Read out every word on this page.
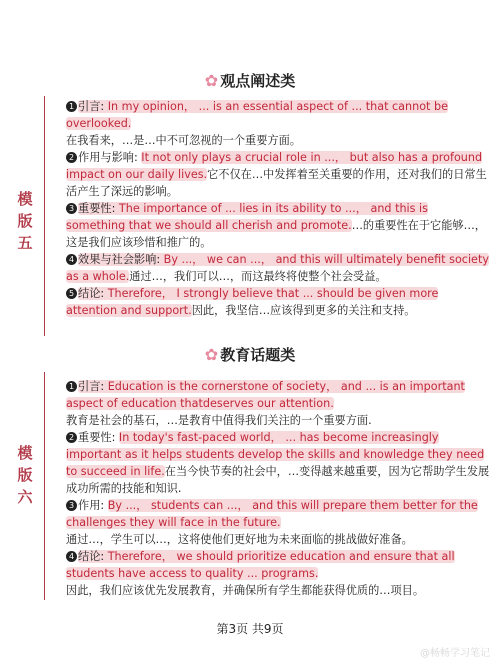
✿ 观点阐述类
模
版
五

1 引言: In my opinion， ... is an essential aspect of ... that cannot be overlooked.
在我看来，…是…中不可忽视的一个重要方面。

2 作用与影响: It not only plays a crucial role in ...， but also has a profound impact on our daily lives.它不仅在…中发挥着至关重要的作用，还对我们的日常生活产生了深远的影响。

3 重要性: The importance of ... lies in its ability to ...， and this is something that we should all cherish and promote.…的重要性在于它能够…，这是我们应该珍惜和推广的。

4 效果与社会影响: By ...， we can ...， and this will ultimately benefit society as a whole.通过…，我们可以…，而这最终将使整个社会受益。

5 结论: Therefore， I strongly believe that ... should be given more attention and support.因此，我坚信…应该得到更多的关注和支持。

✿ 教育话题类
模
版
六

1 引言: Education is the cornerstone of society， and ... is an important aspect of education thatdeserves our attention.
教育是社会的基石，…是教育中值得我们关注的一个重要方面.

2 重要性: In today's fast-paced world， ... has become increasingly important as it helps students develop the skills and knowledge they need to succeed in life.在当今快节奏的社会中，…变得越来越重要，因为它帮助学生发展成功所需的技能和知识.

3 作用: By ...， students can ...， and this will prepare them better for the challenges they will face in the future.
通过…，学生可以…，这将使他们更好地为未来面临的挑战做好准备。

4 结论: Therefore， we should prioritize education and ensure that all students have access to quality ... programs.
因此，我们应该优先发展教育，并确保所有学生都能获得优质的…项目。

第3页 共9页
@畅畅学习笔记
